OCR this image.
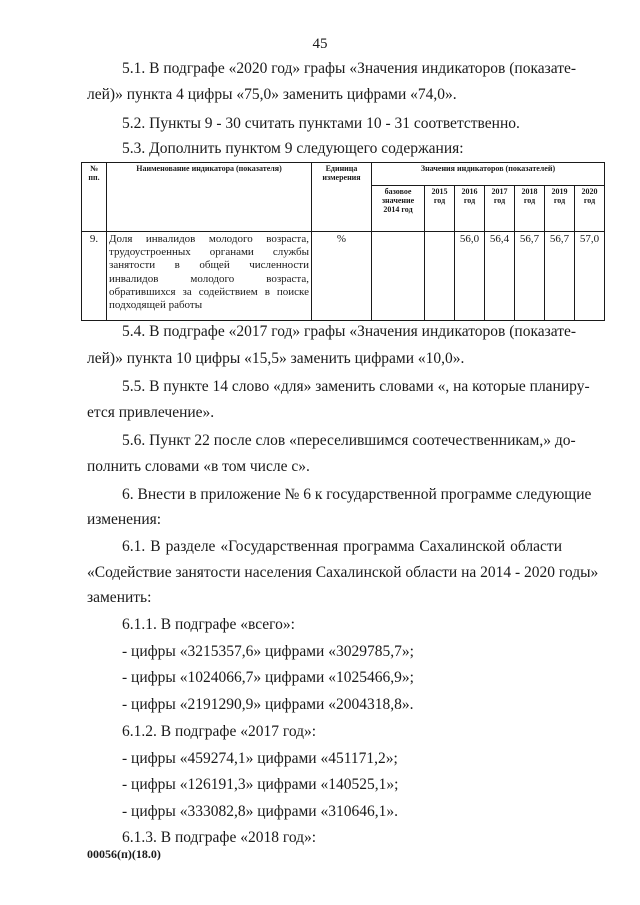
45

5.1. В подграфе «2020 год» графы «Значения индикаторов (показате-

лей)» пункта 4 цифры «75,0» заменить цифрами «74,0».

5.2. Пункты 9 - 30 считать пунктами 10 - 31 соответственно.

5.3. Дополнить пунктом 9 следующего содержания:

№ пп.	Наименование индикатора (показателя)	Единица измерения	Значения индикаторов (показателей)						
			базовое значение 2014 год	2015 год	2016 год	2017 год	2018 год	2019 год	2020 год
9.	Доля инвалидов молодого возраста, трудоустроенных органами службы занятости в общей численности инвалидов молодого возраста, обратившихся за содействием в поиске подходящей работы	%			56,0	56,4	56,7	56,7	57,0

5.4. В подграфе «2017 год» графы «Значения индикаторов (показате-

лей)» пункта 10 цифры «15,5» заменить цифрами «10,0».

5.5. В пункте 14 слово «для» заменить словами «, на которые планиру-

ется привлечение».

5.6. Пункт 22 после слов «переселившимся соотечественникам,» до-

полнить словами «в том числе с».

6. Внести в приложение № 6 к государственной программе следующие

изменения:

6.1. В разделе «Государственная программа Сахалинской области

«Содействие занятости населения Сахалинской области на 2014 - 2020 годы»

заменить:

6.1.1. В подграфе «всего»:

- цифры «3215357,6» цифрами «3029785,7»;

- цифры «1024066,7» цифрами «1025466,9»;

- цифры «2191290,9» цифрами «2004318,8».

6.1.2. В подграфе «2017 год»:

- цифры «459274,1» цифрами «451171,2»;

- цифры «126191,3» цифрами «140525,1»;

- цифры «333082,8» цифрами «310646,1».

6.1.3. В подграфе «2018 год»:

00056(п)(18.0)
